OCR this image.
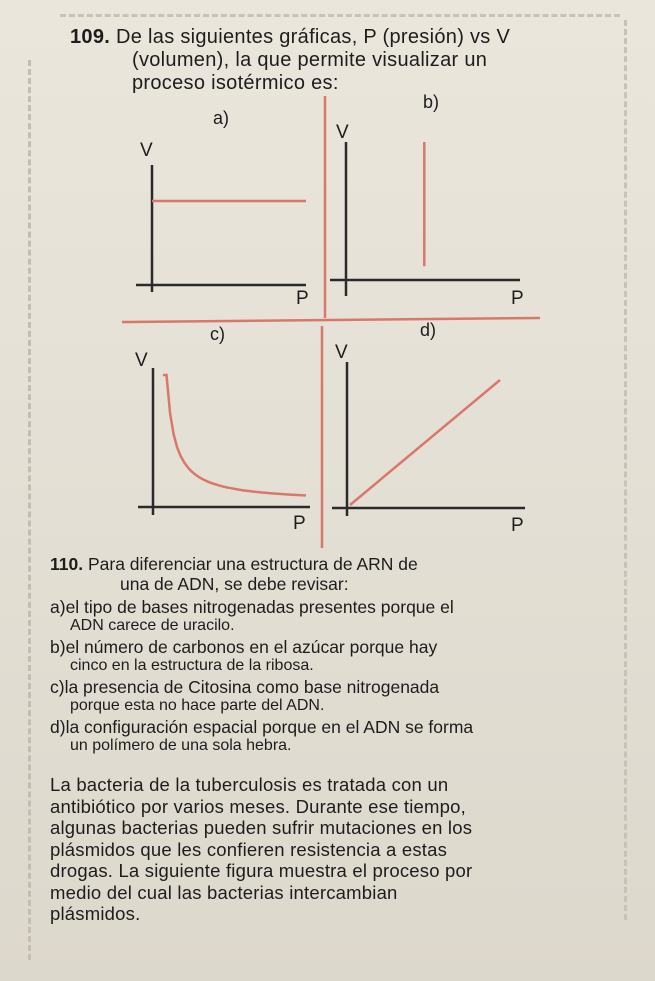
109. De las siguientes gráficas, P (presión) vs V
(volumen), la que permite visualizar un
proceso isotérmico es:
a)
b)
c)	d)
V
P
V
P
V
P
V
P
110. Para diferenciar una estructura de ARN de
una de ADN, se debe revisar:
a)el tipo de bases nitrogenadas presentes porque el
ADN carece de uracilo.
b)el número de carbonos en el azúcar porque hay
cinco en la estructura de la ribosa.
c)la presencia de Citosina como base nitrogenada
porque esta no hace parte del ADN.
d)la configuración espacial porque en el ADN se forma
un polímero de una sola hebra.
La bacteria de la tuberculosis es tratada con un
antibiótico por varios meses. Durante ese tiempo,
algunas bacterias pueden sufrir mutaciones en los
plásmidos que les confieren resistencia a estas
drogas. La siguiente figura muestra el proceso por
medio del cual las bacterias intercambian
plásmidos.
